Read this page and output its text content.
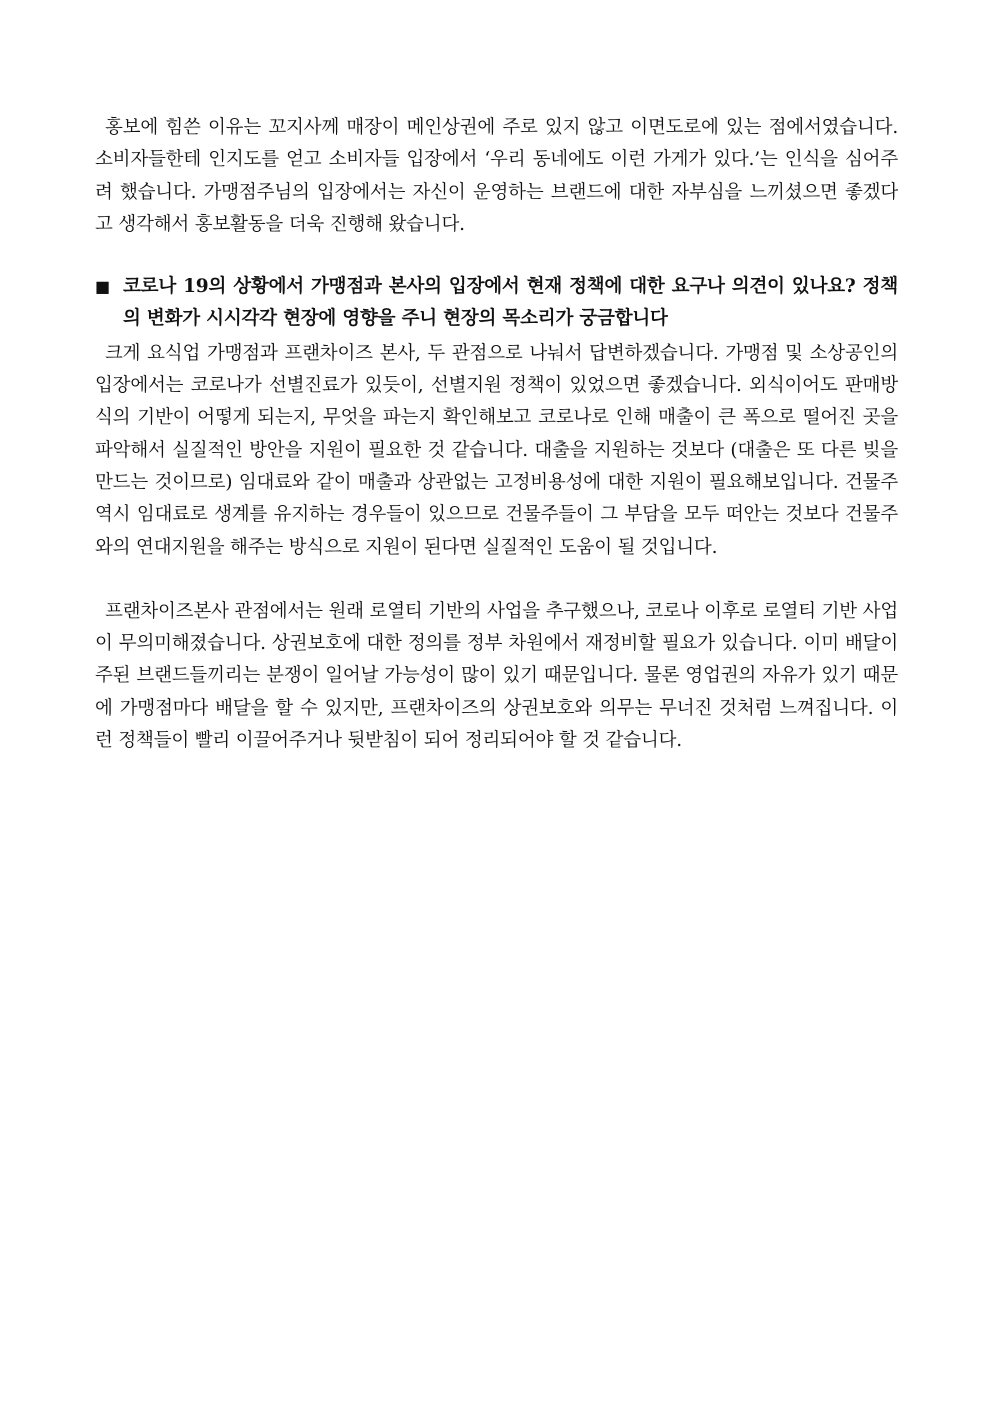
홍보에 힘쓴 이유는 꼬지사께 매장이 메인상권에 주로 있지 않고 이면도로에 있는 점에서였습니다. 소비자들한테 인지도를 얻고 소비자들 입장에서 ‘우리 동네에도 이런 가게가 있다.’는 인식을 심어주려 했습니다. 가맹점주님의 입장에서는 자신이 운영하는 브랜드에 대한 자부심을 느끼셨으면 좋겠다고 생각해서 홍보활동을 더욱 진행해 왔습니다.

■ 코로나 19의 상황에서 가맹점과 본사의 입장에서 현재 정책에 대한 요구나 의견이 있나요? 정책의 변화가 시시각각 현장에 영향을 주니 현장의 목소리가 궁금합니다

크게 요식업 가맹점과 프랜차이즈 본사, 두 관점으로 나눠서 답변하겠습니다. 가맹점 및 소상공인의 입장에서는 코로나가 선별진료가 있듯이, 선별지원 정책이 있었으면 좋겠습니다. 외식이어도 판매방식의 기반이 어떻게 되는지, 무엇을 파는지 확인해보고 코로나로 인해 매출이 큰 폭으로 떨어진 곳을 파악해서 실질적인 방안을 지원이 필요한 것 같습니다. 대출을 지원하는 것보다 (대출은 또 다른 빚을 만드는 것이므로) 임대료와 같이 매출과 상관없는 고정비용성에 대한 지원이 필요해보입니다. 건물주 역시 임대료로 생계를 유지하는 경우들이 있으므로 건물주들이 그 부담을 모두 떠안는 것보다 건물주와의 연대지원을 해주는 방식으로 지원이 된다면 실질적인 도움이 될 것입니다.

프랜차이즈본사 관점에서는 원래 로열티 기반의 사업을 추구했으나, 코로나 이후로 로열티 기반 사업이 무의미해졌습니다. 상권보호에 대한 정의를 정부 차원에서 재정비할 필요가 있습니다. 이미 배달이 주된 브랜드들끼리는 분쟁이 일어날 가능성이 많이 있기 때문입니다. 물론 영업권의 자유가 있기 때문에 가맹점마다 배달을 할 수 있지만, 프랜차이즈의 상권보호와 의무는 무너진 것처럼 느껴집니다. 이런 정책들이 빨리 이끌어주거나 뒷받침이 되어 정리되어야 할 것 같습니다.
